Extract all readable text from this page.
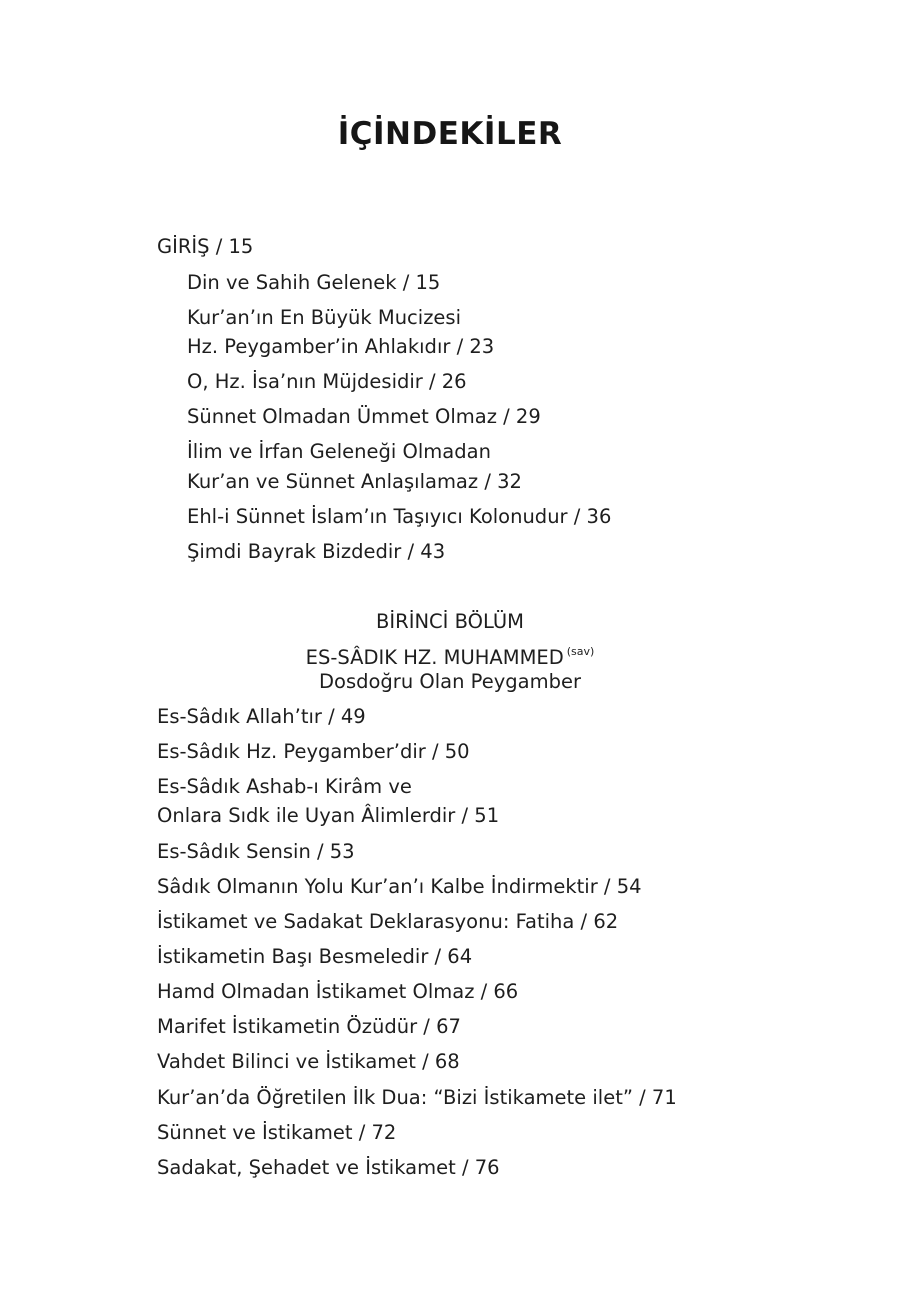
İÇİNDEKİLER
GİRİŞ / 15
Din ve Sahih Gelenek / 15
Kur’an’ın En Büyük Mucizesi
Hz. Peygamber’in Ahlakıdır / 23
O, Hz. İsa’nın Müjdesidir / 26
Sünnet Olmadan Ümmet Olmaz / 29
İlim ve İrfan Geleneği Olmadan
Kur’an ve Sünnet Anlaşılamaz / 32
Ehl-i Sünnet İslam’ın Taşıyıcı Kolonudur / 36
Şimdi Bayrak Bizdedir / 43
BİRİNCİ BÖLÜM
ES-SÂDIK HZ. MUHAMMED $^{(sav)}$
Dosdoğru Olan Peygamber
Es-Sâdık Allah’tır / 49
Es-Sâdık Hz. Peygamber’dir / 50
Es-Sâdık Ashab-ı Kirâm ve
Onlara Sıdk ile Uyan Âlimlerdir / 51
Es-Sâdık Sensin / 53
Sâdık Olmanın Yolu Kur’an’ı Kalbe İndirmektir / 54
İstikamet ve Sadakat Deklarasyonu: Fatiha / 62
İstikametin Başı Besmeledir / 64
Hamd Olmadan İstikamet Olmaz / 66
Marifet İstikametin Özüdür / 67
Vahdet Bilinci ve İstikamet / 68
Kur’an’da Öğretilen İlk Dua: “Bizi İstikamete ilet” / 71
Sünnet ve İstikamet / 72
Sadakat, Şehadet ve İstikamet / 76
